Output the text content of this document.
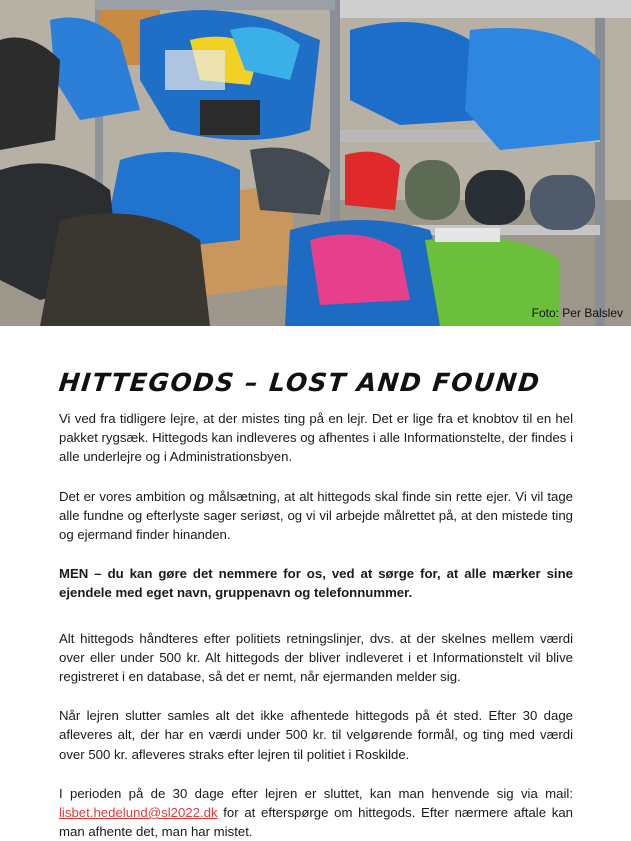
Foto: Per Balslev
HITTEGODS – LOST AND FOUND

Vi ved fra tidligere lejre, at der mistes ting på en lejr. Det er lige fra et knobtov til en hel pakket rygsæk. Hittegods kan indleveres og afhentes i alle Informationstelte, der findes i alle underlejre og i Administrationsbyen.

Det er vores ambition og målsætning, at alt hittegods skal finde sin rette ejer. Vi vil tage alle fundne og efterlyste sager seriøst, og vi vil arbejde målrettet på, at den mistede ting og ejermand finder hinanden.

MEN – du kan gøre det nemmere for os, ved at sørge for, at alle mærker sine ejendele med eget navn, gruppenavn og telefonnummer.

Alt hittegods håndteres efter politiets retningslinjer, dvs. at der skelnes mellem værdi over eller under 500 kr. Alt hittegods der bliver indleveret i et Informationstelt vil blive registreret i en database, så det er nemt, når ejermanden melder sig.

Når lejren slutter samles alt det ikke afhentede hittegods på ét sted. Efter 30 dage afleveres alt, der har en værdi under 500 kr. til velgørende formål, og ting med værdi over 500 kr. afleveres straks efter lejren til politiet i Roskilde.

I perioden på de 30 dage efter lejren er sluttet, kan man henvende sig via mail: lisbet.hedelund@sl2022.dk for at efterspørge om hittegods. Efter nærmere aftale kan man afhente det, man har mistet.
